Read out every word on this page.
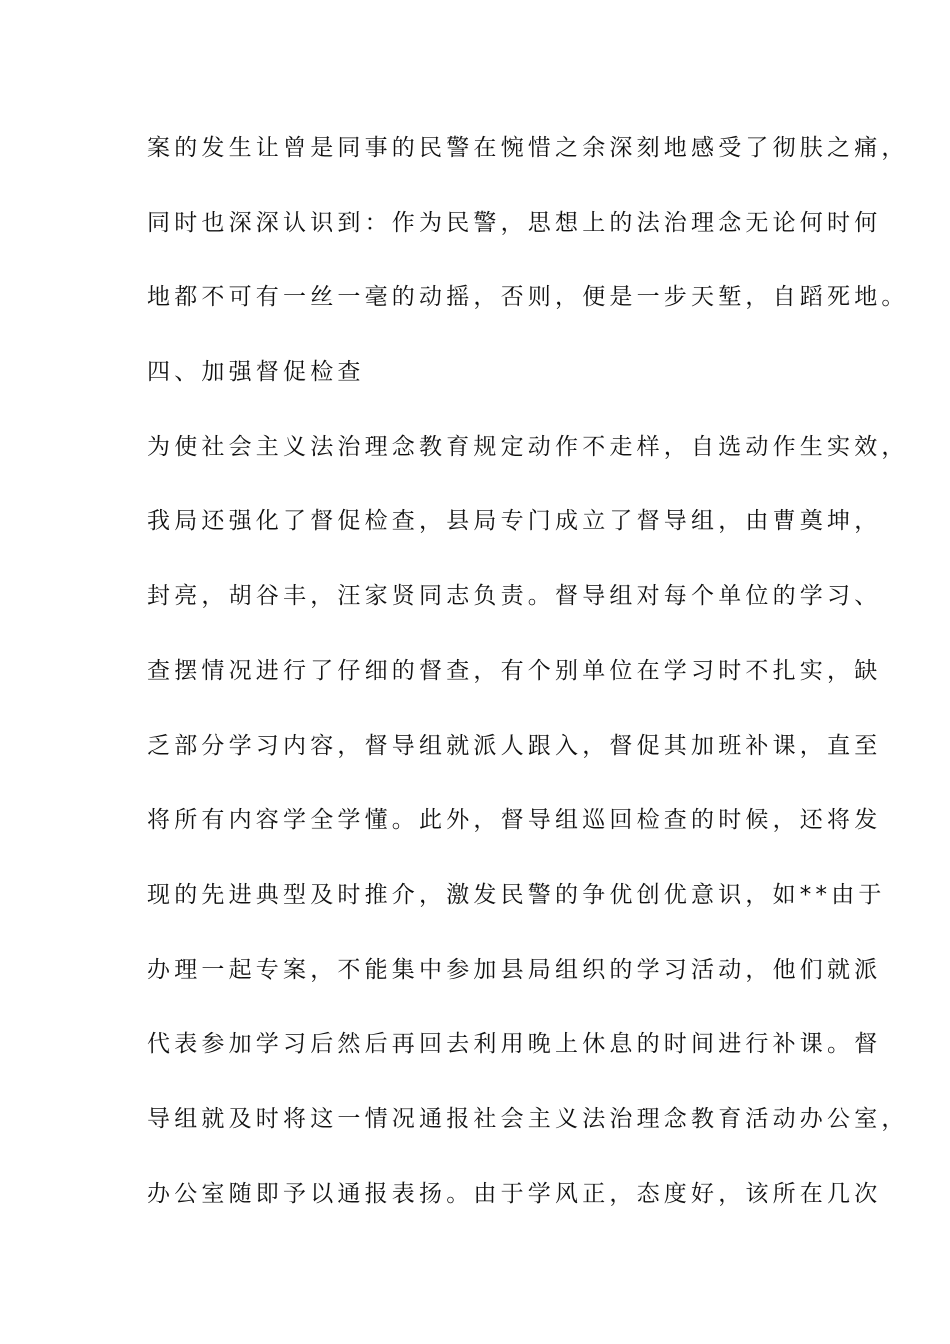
案的发生让曾是同事的民警在惋惜之余深刻地感受了彻肤之痛，
同时也深深认识到：作为民警，思想上的法治理念无论何时何
地都不可有一丝一毫的动摇，否则，便是一步天堑，自蹈死地。
四、加强督促检查
为使社会主义法治理念教育规定动作不走样，自选动作生实效，
我局还强化了督促检查，县局专门成立了督导组，由曹奠坤，
封亮，胡谷丰，汪家贤同志负责。督导组对每个单位的学习、
查摆情况进行了仔细的督查，有个别单位在学习时不扎实，缺
乏部分学习内容，督导组就派人跟入，督促其加班补课，直至
将所有内容学全学懂。此外，督导组巡回检查的时候，还将发
现的先进典型及时推介，激发民警的争优创优意识，如**由于
办理一起专案，不能集中参加县局组织的学习活动，他们就派
代表参加学习后然后再回去利用晚上休息的时间进行补课。督
导组就及时将这一情况通报社会主义法治理念教育活动办公室，
办公室随即予以通报表扬。由于学风正，态度好，该所在几次
